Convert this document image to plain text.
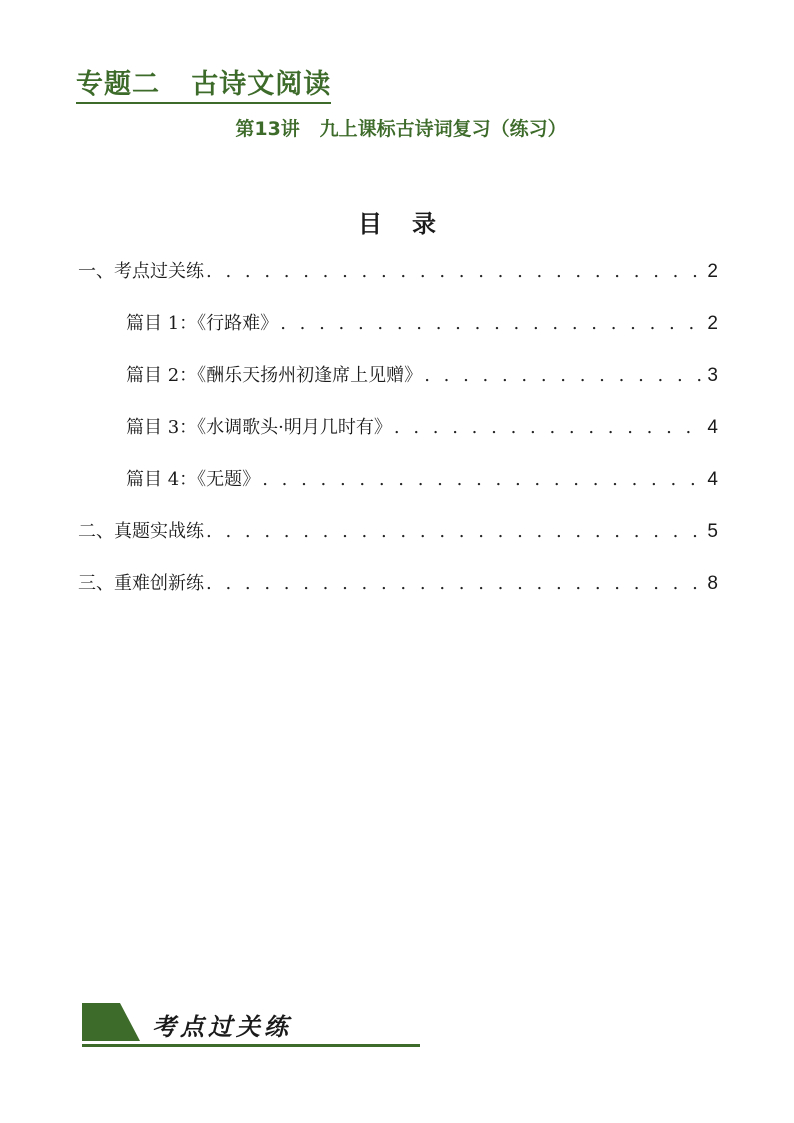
专题二   古诗文阅读
第13讲   九上课标古诗词复习（练习）
目录
一、考点过关练 . . .	2
篇目 1：《行路难》 . . .	2
篇目 2：《酬乐天扬州初逢席上见赠》 . . .	3
篇目 3：《水调歌头·明月几时有》 . . .	4
篇目 4：《无题》 . . .	4
二、真题实战练 . . .	5
三、重难创新练 . . .	8
考点过关练
